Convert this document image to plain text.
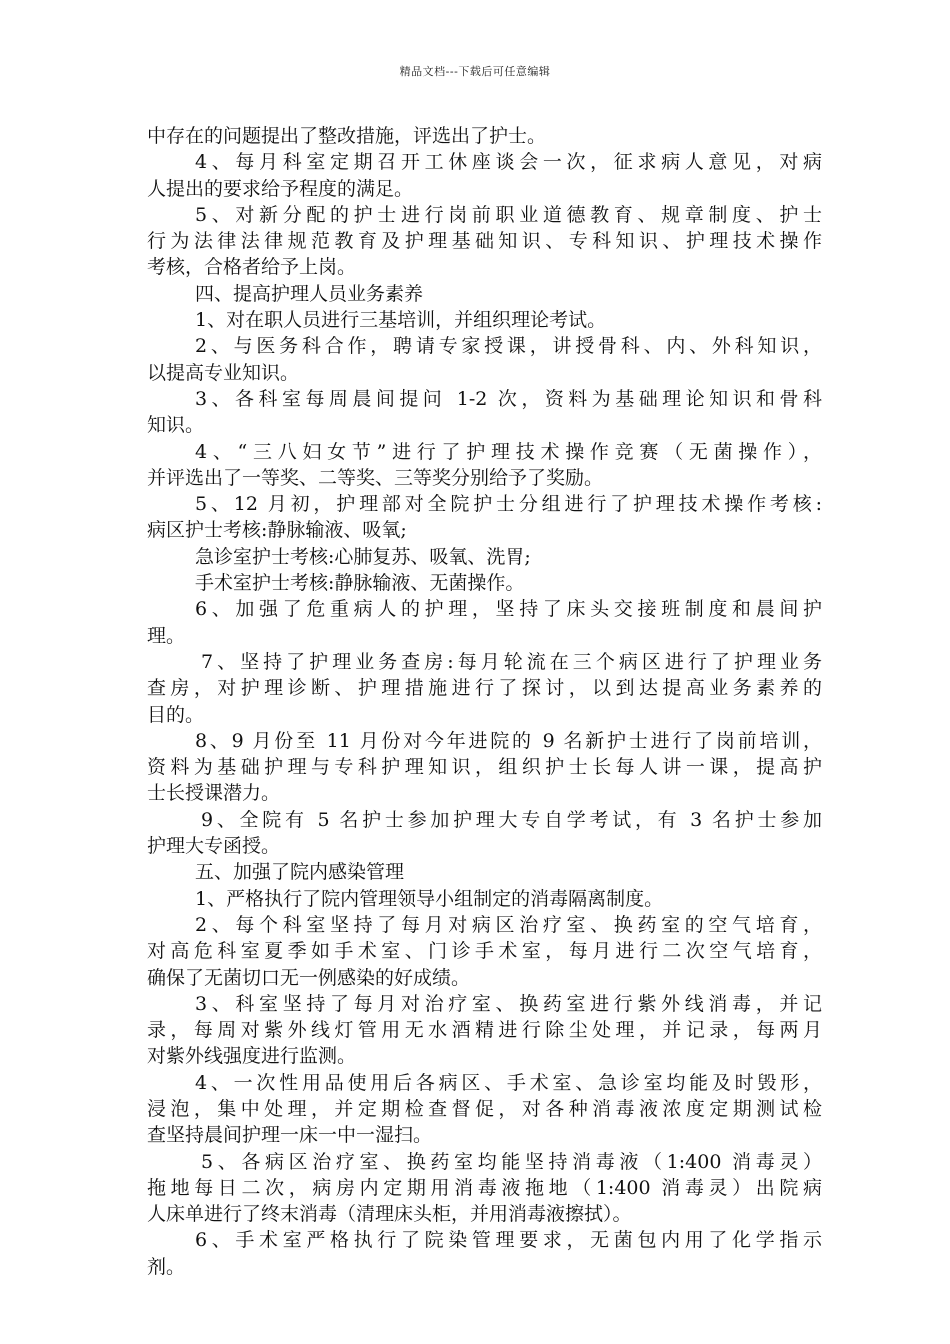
精品文档---下载后可任意编辑
中存在的问题提出了整改措施，评选出了护士。
4、每月科室定期召开工休座谈会一次，征求病人意见，对病
人提出的要求给予程度的满足。
5、对新分配的护士进行岗前职业道德教育、规章制度、护士
行为法律法律规范教育及护理基础知识、专科知识、护理技术操作
考核，合格者给予上岗。
四、提高护理人员业务素养
1、对在职人员进行三基培训，并组织理论考试。
2、与医务科合作，聘请专家授课，讲授骨科、内、外科知识，
以提高专业知识。
3、各科室每周晨间提问 1-2 次，资料为基础理论知识和骨科
知识。
4、“三八妇女节”进行了护理技术操作竞赛（无菌操作），
并评选出了一等奖、二等奖、三等奖分别给予了奖励。
5、12 月初，护理部对全院护士分组进行了护理技术操作考核:
病区护士考核:静脉输液、吸氧;
急诊室护士考核:心肺复苏、吸氧、洗胃;
手术室护士考核:静脉输液、无菌操作。
6、加强了危重病人的护理，坚持了床头交接班制度和晨间护
理。
7、坚持了护理业务查房:每月轮流在三个病区进行了护理业务
查房，对护理诊断、护理措施进行了探讨，以到达提高业务素养的
目的。
8、9 月份至 11 月份对今年进院的 9 名新护士进行了岗前培训，
资料为基础护理与专科护理知识，组织护士长每人讲一课，提高护
士长授课潜力。
9、全院有 5 名护士参加护理大专自学考试，有 3 名护士参加
护理大专函授。
五、加强了院内感染管理
1、严格执行了院内管理领导小组制定的消毒隔离制度。
2、每个科室坚持了每月对病区治疗室、换药室的空气培育，
对高危科室夏季如手术室、门诊手术室，每月进行二次空气培育，
确保了无菌切口无一例感染的好成绩。
3、科室坚持了每月对治疗室、换药室进行紫外线消毒，并记
录，每周对紫外线灯管用无水酒精进行除尘处理，并记录，每两月
对紫外线强度进行监测。
4、一次性用品使用后各病区、手术室、急诊室均能及时毁形，
浸泡，集中处理，并定期检查督促，对各种消毒液浓度定期测试检
查坚持晨间护理一床一中一湿扫。
5、各病区治疗室、换药室均能坚持消毒液（1:400 消毒灵）
拖地每日二次，病房内定期用消毒液拖地（1:400 消毒灵）出院病
人床单进行了终末消毒（清理床头柜，并用消毒液擦拭）。
6、手术室严格执行了院染管理要求，无菌包内用了化学指示
剂。
